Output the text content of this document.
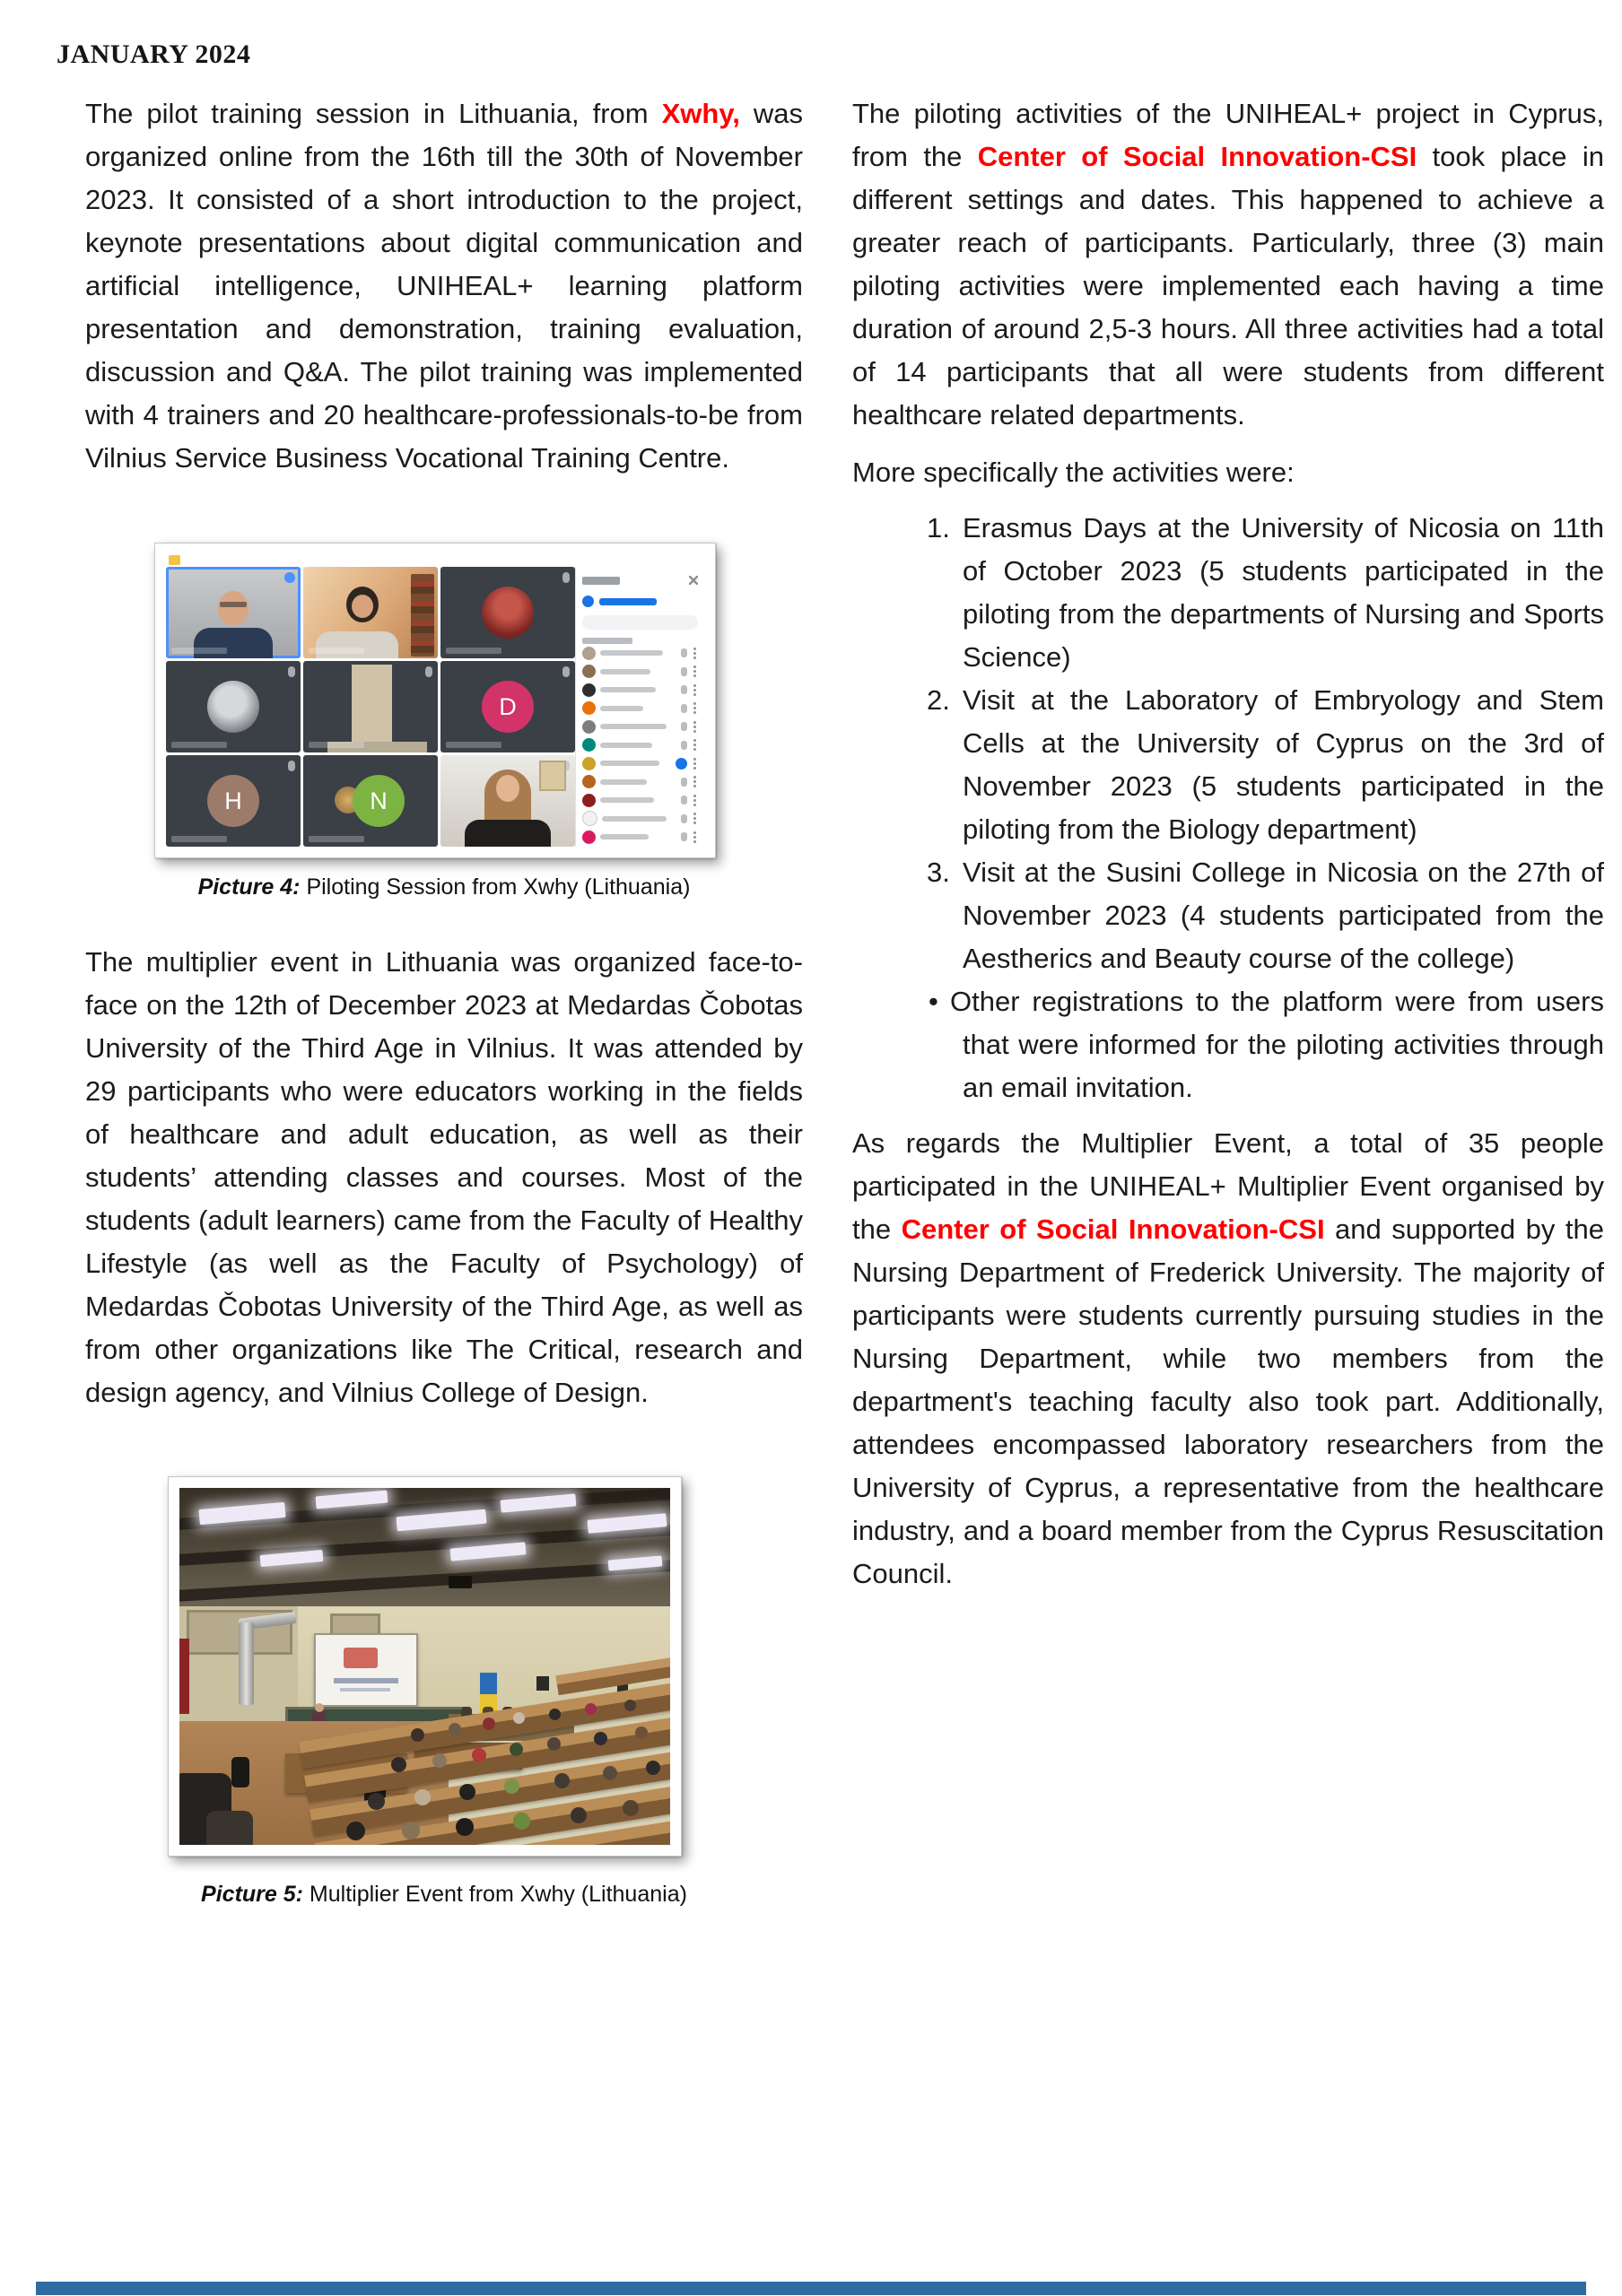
JANUARY 2024

The pilot training session in Lithuania, from Xwhy, was organized online from the 16th till the 30th of November 2023. It consisted of a short introduction to the project, keynote presentations about digital communication and artificial intelligence, UNIHEAL+ learning platform presentation and demonstration, training evaluation, discussion and Q&A. The pilot training was implemented with 4 trainers and 20 healthcare-professionals-to-be from Vilnius Service Business Vocational Training Centre.

D
H	N
Picture 4: Piloting Session from Xwhy (Lithuania)

The multiplier event in Lithuania was organized face-to-face on the 12th of December 2023 at Medardas Čobotas University of the Third Age in Vilnius. It was attended by 29 participants who were educators working in the fields of healthcare and adult education, as well as their students’ attending classes and courses. Most of the students (adult learners) came from the Faculty of Healthy Lifestyle (as well as the Faculty of Psychology) of Medardas Čobotas University of the Third Age, as well as from other organizations like The Critical, research and design agency, and Vilnius College of Design.

Picture 5: Multiplier Event from Xwhy (Lithuania)

The piloting activities of the UNIHEAL+ project in Cyprus, from the Center of Social Innovation-CSI took place in different settings and dates. This happened to achieve a greater reach of participants. Particularly, three (3) main piloting activities were implemented each having a time duration of around 2,5-3 hours. All three activities had a total of 14 participants that all were students from different healthcare related departments.

More specifically the activities were:

1. Erasmus Days at the University of Nicosia on 11th of October 2023 (5 students participated in the piloting from the departments of Nursing and Sports Science)
2. Visit at the Laboratory of Embryology and Stem Cells at the University of Cyprus on the 3rd of November 2023 (5 students participated in the piloting from the Biology department)
3. Visit at the Susini College in Nicosia on the 27th of November 2023 (4 students participated from the Aestherics and Beauty course of the college)
• Other registrations to the platform were from users that were informed for the piloting activities through an email invitation.

As regards the Multiplier Event, a total of 35 people participated in the UNIHEAL+ Multiplier Event organised by the Center of Social Innovation-CSI and supported by the Nursing Department of Frederick University. The majority of participants were students currently pursuing studies in the Nursing Department, while two members from the department's teaching faculty also took part. Additionally, attendees encompassed laboratory researchers from the University of Cyprus, a representative from the healthcare industry, and a board member from the Cyprus Resuscitation Council.
